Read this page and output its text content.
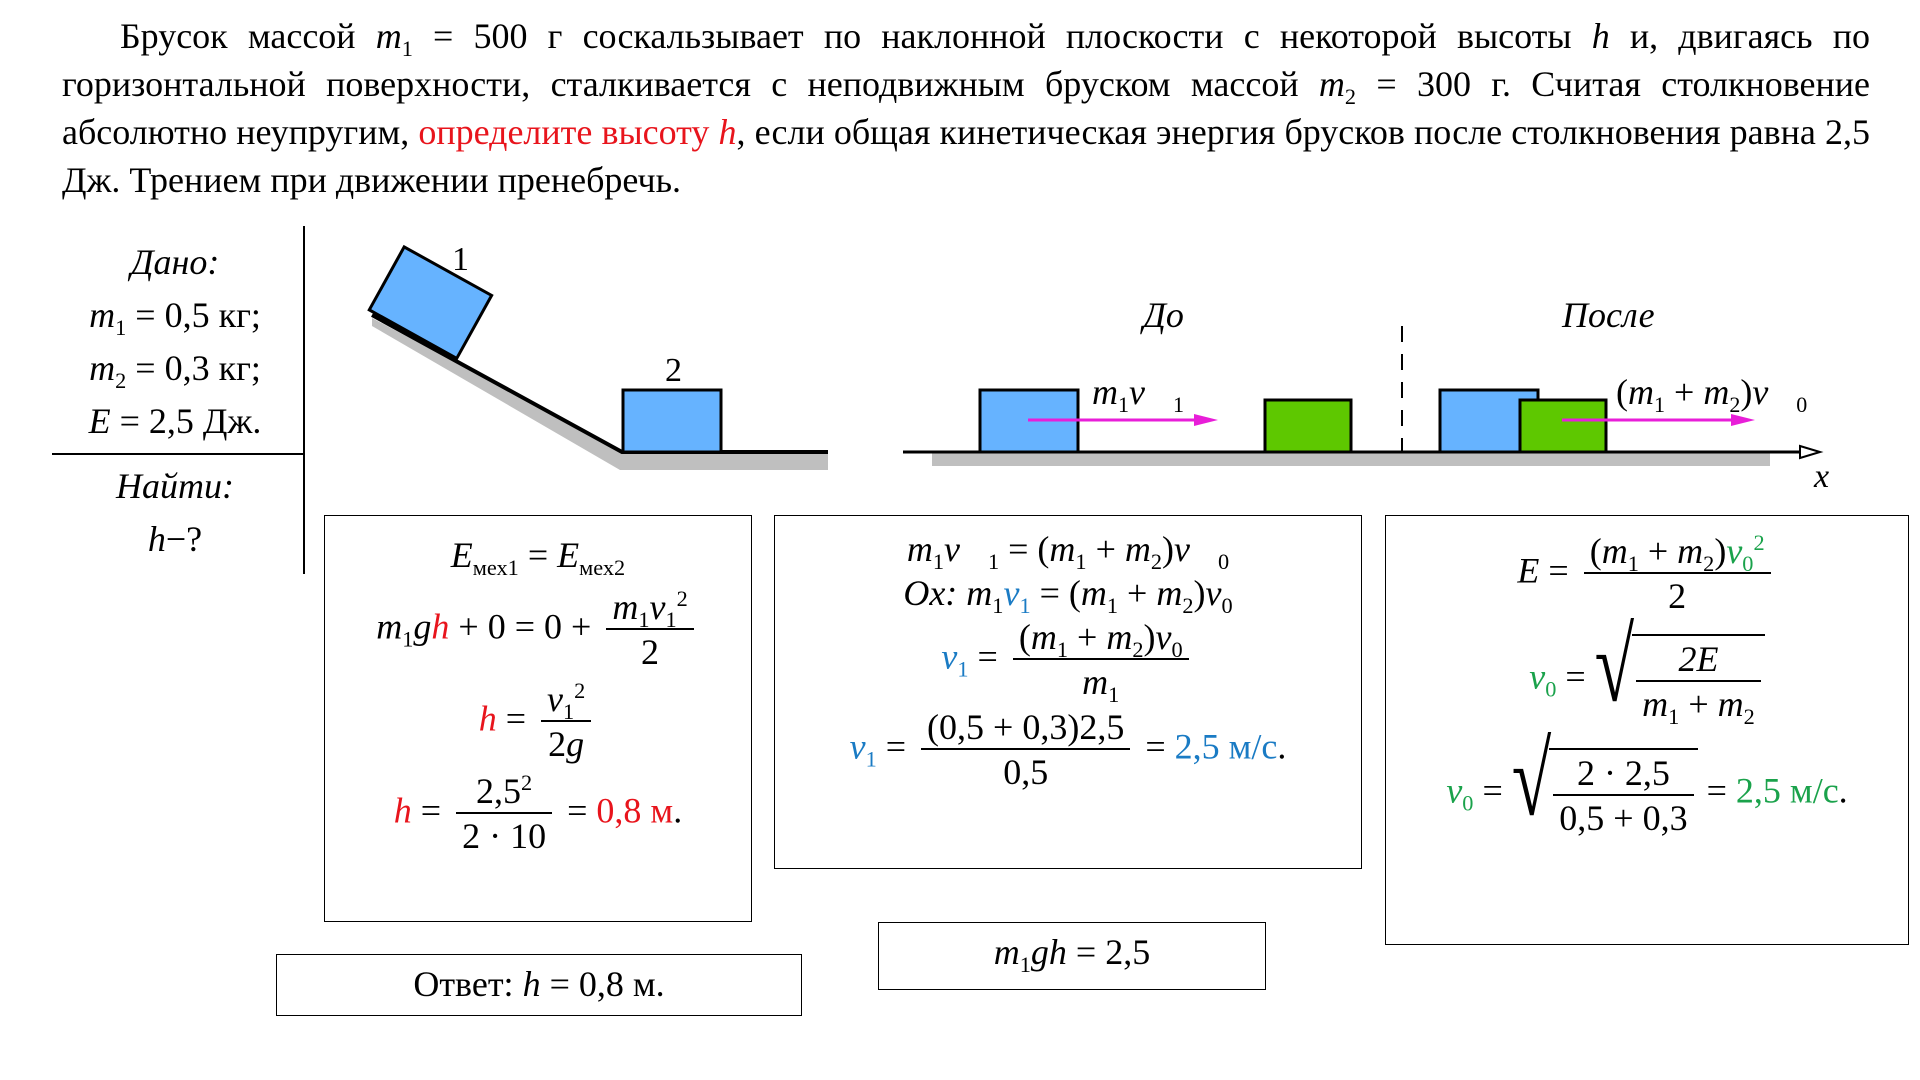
Брусок массой $m_1 = 500$ г соскальзывает по наклонной плоскости с некоторой высоты h и, двигаясь по горизонтальной поверхности, сталкивается с неподвижным бруском массой $m_2 = 300$ г. Считая столкновение абсолютно неупругим, определите высоту h, если общая кинетическая энергия брусков после столкновения равна 2,5 Дж. Трением при движении пренебречь.
Дано:
$m_1 = 0,5$ кг;
$m_2 = 0,3$ кг;
E = 2,5 Дж.
Найти:
h−?
1
2
До	После
x
$m_1v⃗_1$	($m_1$ + $m_2)v⃗_0$
$E_{мех1} = E_{мех2}$
$m_1gh + 0 = 0 + \frac{m_1v_1^2}{2}$
$h = \frac{v_1^2}{2g}$
$h = \frac{2,5^2}{2 \cdot 10} = 0,8$ м.
$m_1v⃗_1 = (m_1$ + $m_2)v⃗_0$
Ox: $m_1v_1 = (m_1 + m_2)v_0$
$v_1 = \frac{(m_1 + m_2)v_0}{m_1}$
$v_1 = \frac{(0,5 + 0,3)2,5}{0,5} = 2,5$ м/с.
$E = \frac{(m_1 + m_2)v_0^2}{2}$
$v_0$ = √ $\frac{2E}{m_1 + m_2}$
$v_0$ = √ $\frac{2 \cdot 2,5}{0,5 + 0,3} = 2,5$ м/с.
$m_1gh = 2,5$
Ответ: h = 0,8 м.
